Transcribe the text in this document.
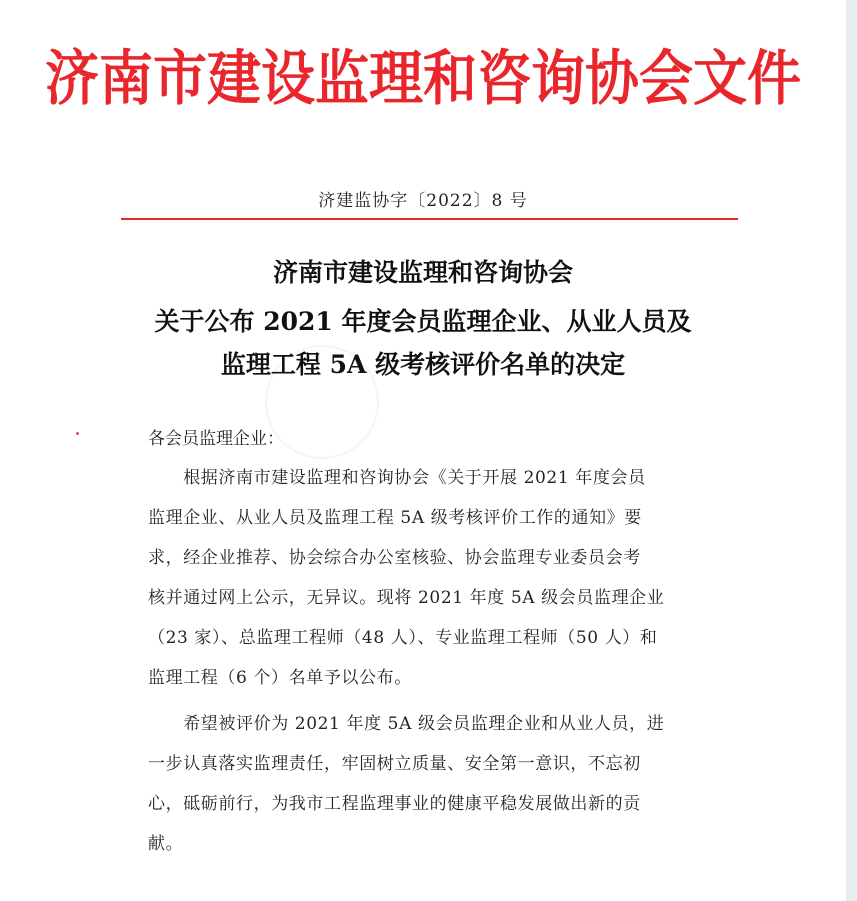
济南市建设监理和咨询协会文件
济建监协字〔2022〕8 号
济南市建设监理和咨询协会
关于公布 2021 年度会员监理企业、从业人员及
监理工程 5A 级考核评价名单的决定
各会员监理企业：
　　根据济南市建设监理和咨询协会《关于开展 2021 年度会员
监理企业、从业人员及监理工程 5A 级考核评价工作的通知》要
求，经企业推荐、协会综合办公室核验、协会监理专业委员会考
核并通过网上公示，无异议。现将 2021 年度 5A 级会员监理企业
（23 家）、总监理工程师（48 人）、专业监理工程师（50 人）和
监理工程（6 个）名单予以公布。
　　希望被评价为 2021 年度 5A 级会员监理企业和从业人员，进
一步认真落实监理责任，牢固树立质量、安全第一意识，不忘初
心，砥砺前行，为我市工程监理事业的健康平稳发展做出新的贡
献。
